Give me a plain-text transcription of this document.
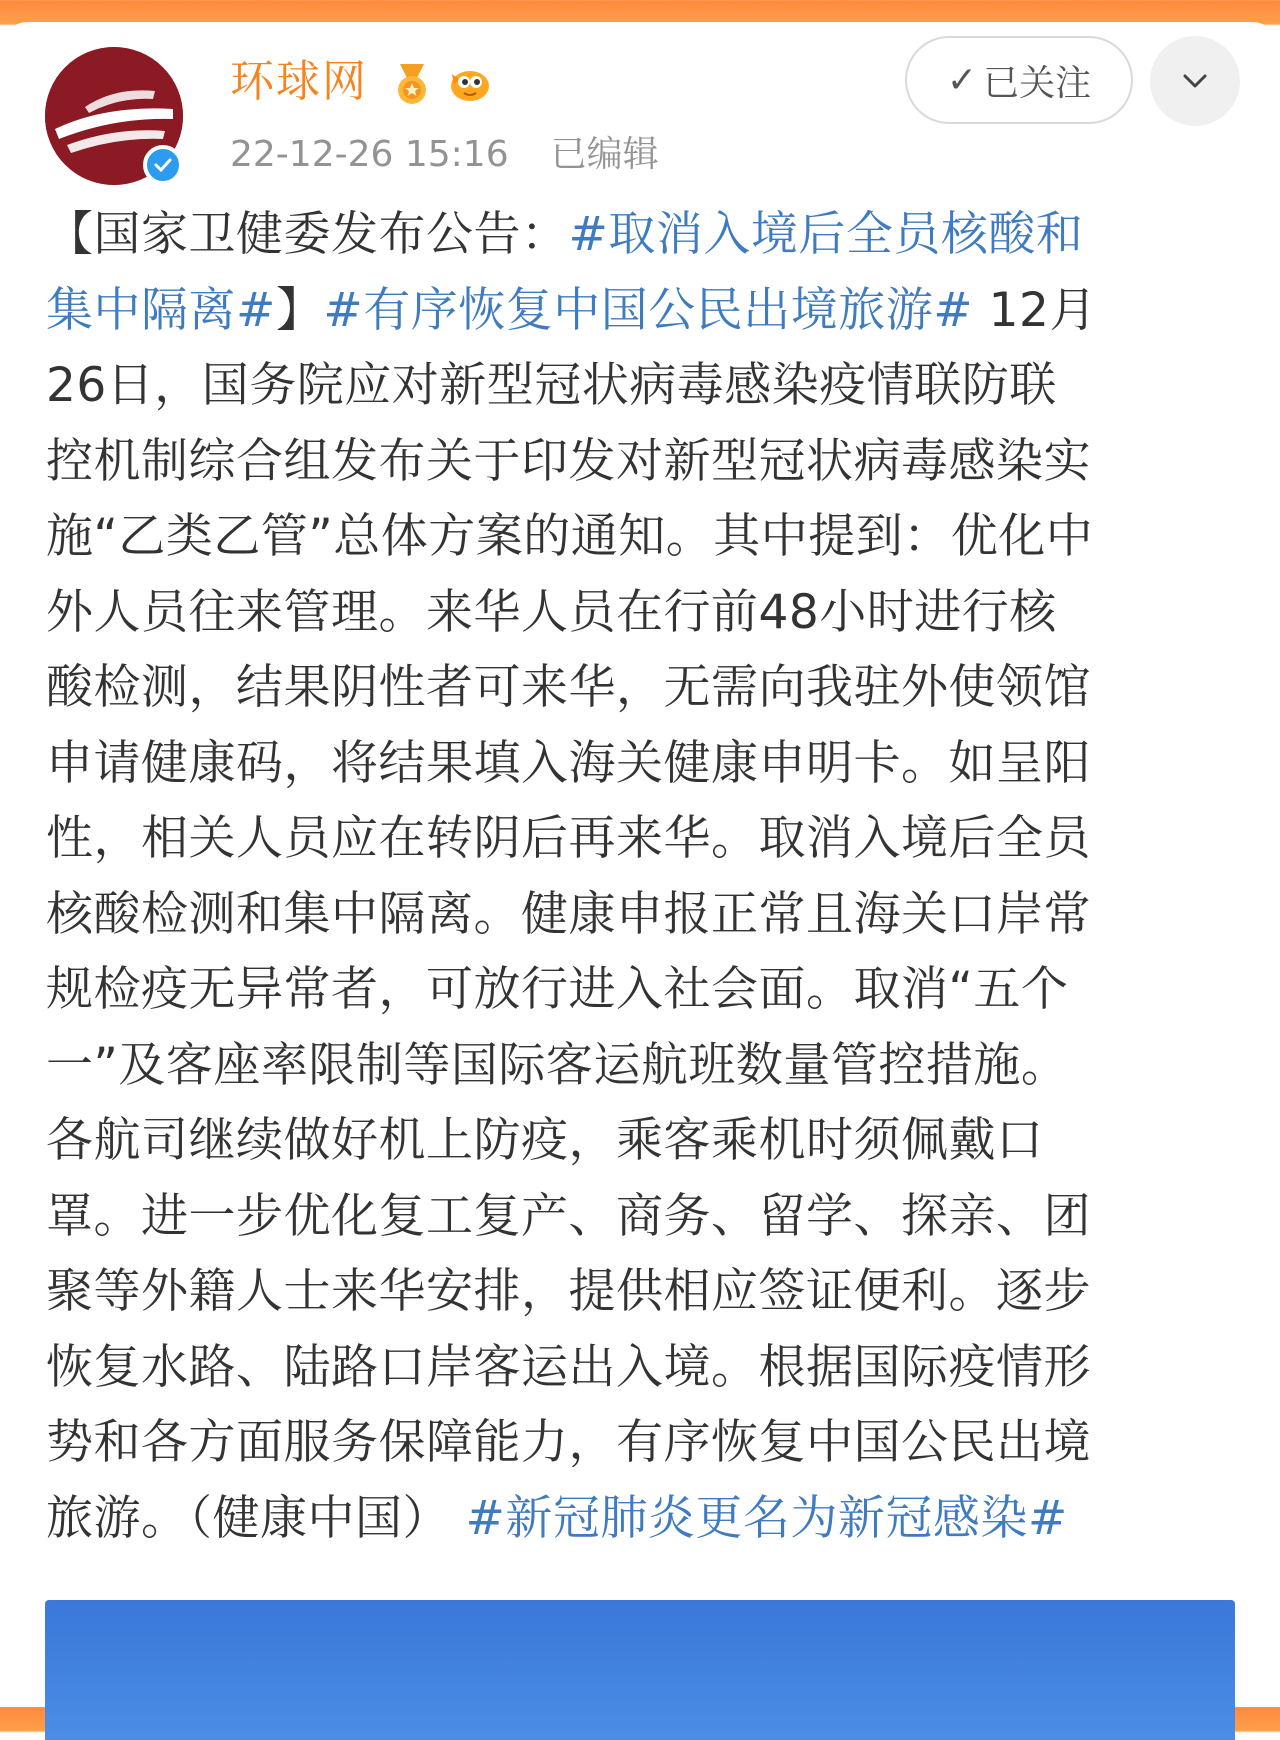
环球网
22-12-26 15:16 已编辑
✓ 已关注

【国家卫健委发布公告：#取消入境后全员核酸和

集中隔离#】#有序恢复中国公民出境旅游# 12月

26日，国务院应对新型冠状病毒感染疫情联防联

控机制综合组发布关于印发对新型冠状病毒感染实

施“乙类乙管”总体方案的通知。其中提到：优化中

外人员往来管理。来华人员在行前48小时进行核

酸检测，结果阴性者可来华，无需向我驻外使领馆

申请健康码，将结果填入海关健康申明卡。如呈阳

性，相关人员应在转阴后再来华。取消入境后全员

核酸检测和集中隔离。健康申报正常且海关口岸常

规检疫无异常者，可放行进入社会面。取消“五个

一”及客座率限制等国际客运航班数量管控措施。

各航司继续做好机上防疫，乘客乘机时须佩戴口

罩。进一步优化复工复产、商务、留学、探亲、团

聚等外籍人士来华安排，提供相应签证便利。逐步

恢复水路、陆路口岸客运出入境。根据国际疫情形

势和各方面服务保障能力，有序恢复中国公民出境

旅游。（健康中国） #新冠肺炎更名为新冠感染#
